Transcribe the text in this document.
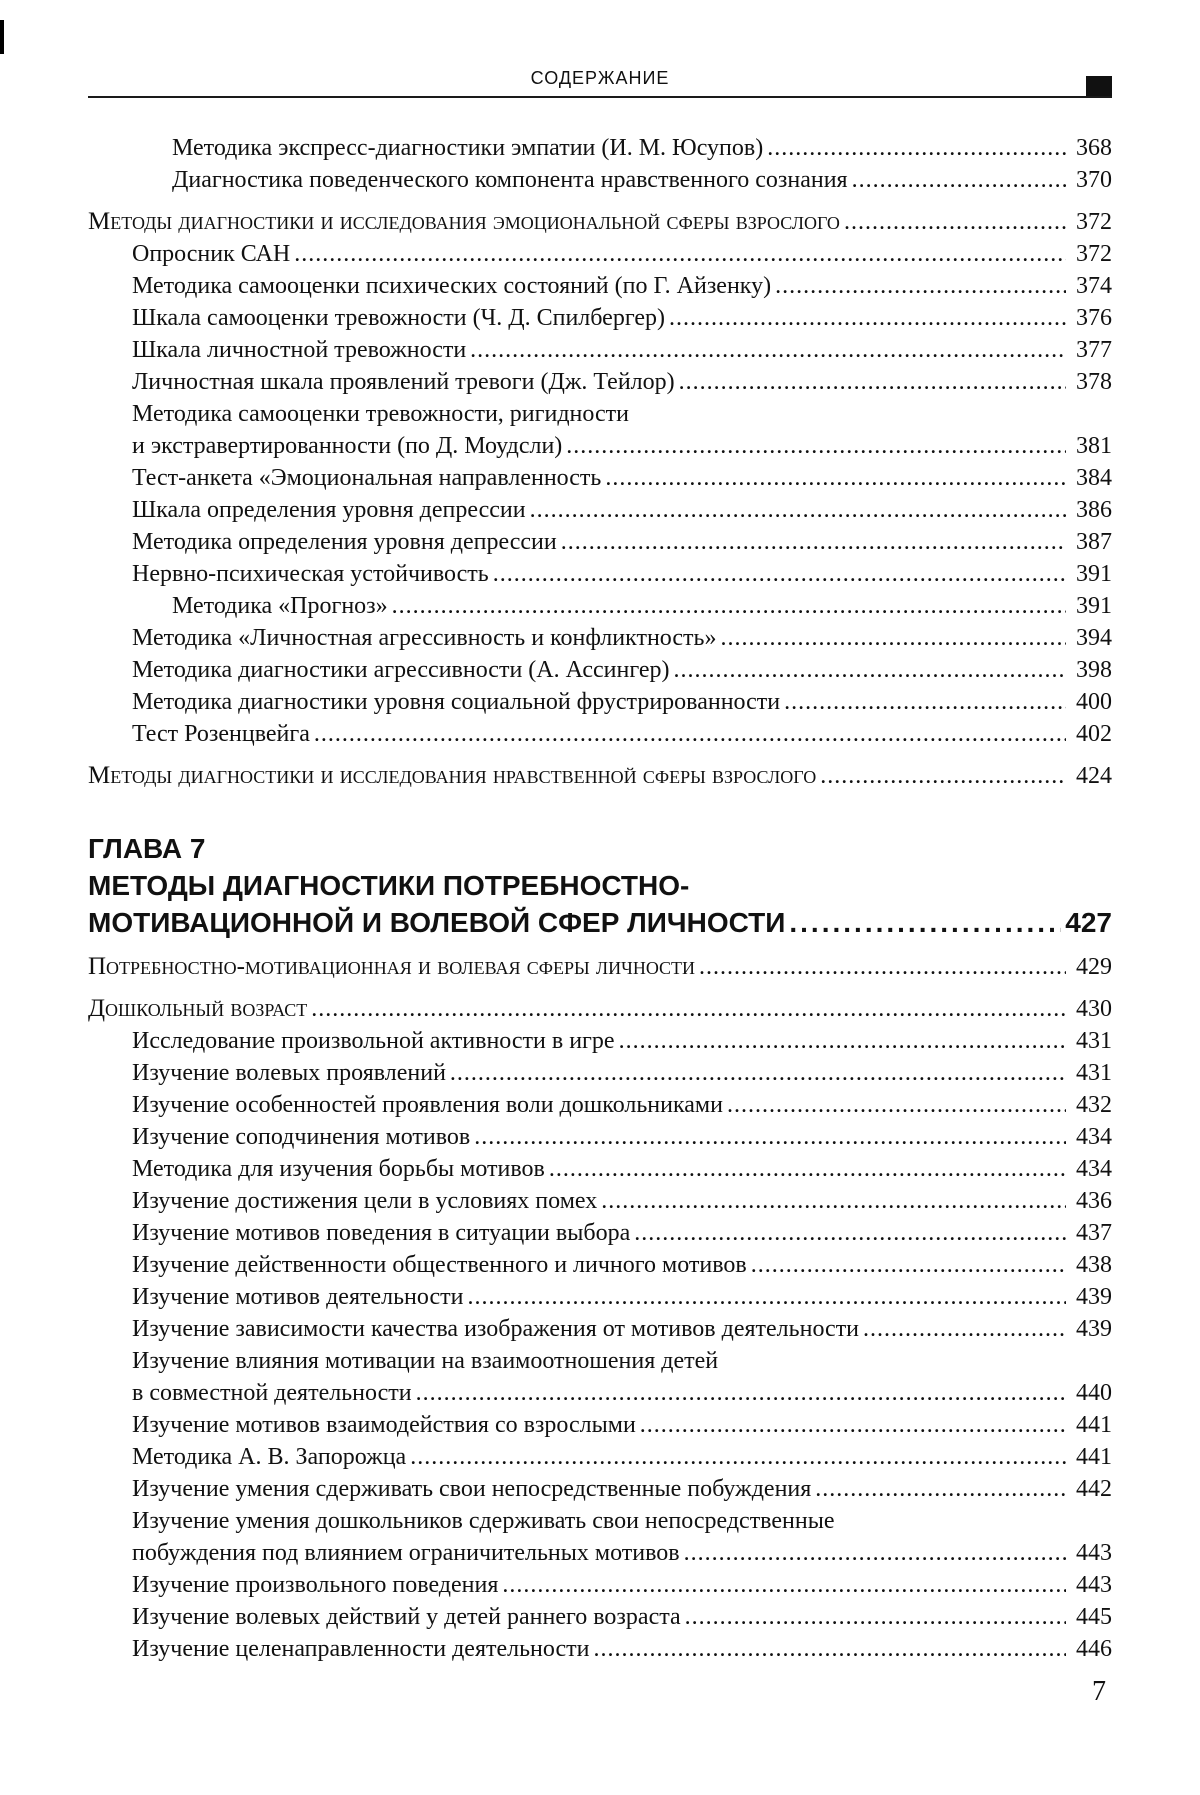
СОДЕРЖАНИЕ
Методика экспресс-диагностики эмпатии (И. М. Юсупов)
.....	368
Диагностика поведенческого компонента нравственного сознания
.....	370
Методы диагностики и исследования эмоциональной сферы взрослого
.....	372
Опросник САН
.....	372
Методика самооценки психических состояний (по Г. Айзенку)
.....	374
Шкала самооценки тревожности (Ч. Д. Спилбергер)
.....	376
Шкала личностной тревожности
.....	377
Личностная шкала проявлений тревоги (Дж. Тейлор)
.....	378
Методика самооценки тревожности, ригидности
и экстравертированности (по Д. Моудсли)
.....	381
Тест-анкета «Эмоциональная направленность
.....	384
Шкала определения уровня депрессии
.....	386
Методика определения уровня депрессии
.....	387
Нервно-психическая устойчивость
.....	391
Методика «Прогноз»
.....	391
Методика «Личностная агрессивность и конфликтность»
.....	394
Методика диагностики агрессивности (А. Ассингер)
.....	398
Методика диагностики уровня социальной фрустрированности
.....	400
Тест Розенцвейга
.....	402
Методы диагностики и исследования нравственной сферы взрослого
.....	424
ГЛАВА 7
МЕТОДЫ ДИАГНОСТИКИ ПОТРЕБНОСТНО-
МОТИВАЦИОННОЙ И ВОЛЕВОЙ СФЕР ЛИЧНОСТИ
.....	427
Потребностно-мотивационная и волевая сферы личности
.....	429
Дошкольный возраст
.....	430
Исследование произвольной активности в игре
.....	431
Изучение волевых проявлений
.....	431
Изучение особенностей проявления воли дошкольниками
.....	432
Изучение соподчинения мотивов
.....	434
Методика для изучения борьбы мотивов
.....	434
Изучение достижения цели в условиях помех
.....	436
Изучение мотивов поведения в ситуации выбора
.....	437
Изучение действенности общественного и личного мотивов
.....	438
Изучение мотивов деятельности
.....	439
Изучение зависимости качества изображения от мотивов деятельности
.....	439
Изучение влияния мотивации на взаимоотношения детей
в совместной деятельности
.....	440
Изучение мотивов взаимодействия со взрослыми
.....	441
Методика А. В. Запорожца
.....	441
Изучение умения сдерживать свои непосредственные побуждения
.....	442
Изучение умения дошкольников сдерживать свои непосредственные
побуждения под влиянием ограничительных мотивов
.....	443
Изучение произвольного поведения
.....	443
Изучение волевых действий у детей раннего возраста
.....	445
Изучение целенаправленности деятельности
.....	446
7
